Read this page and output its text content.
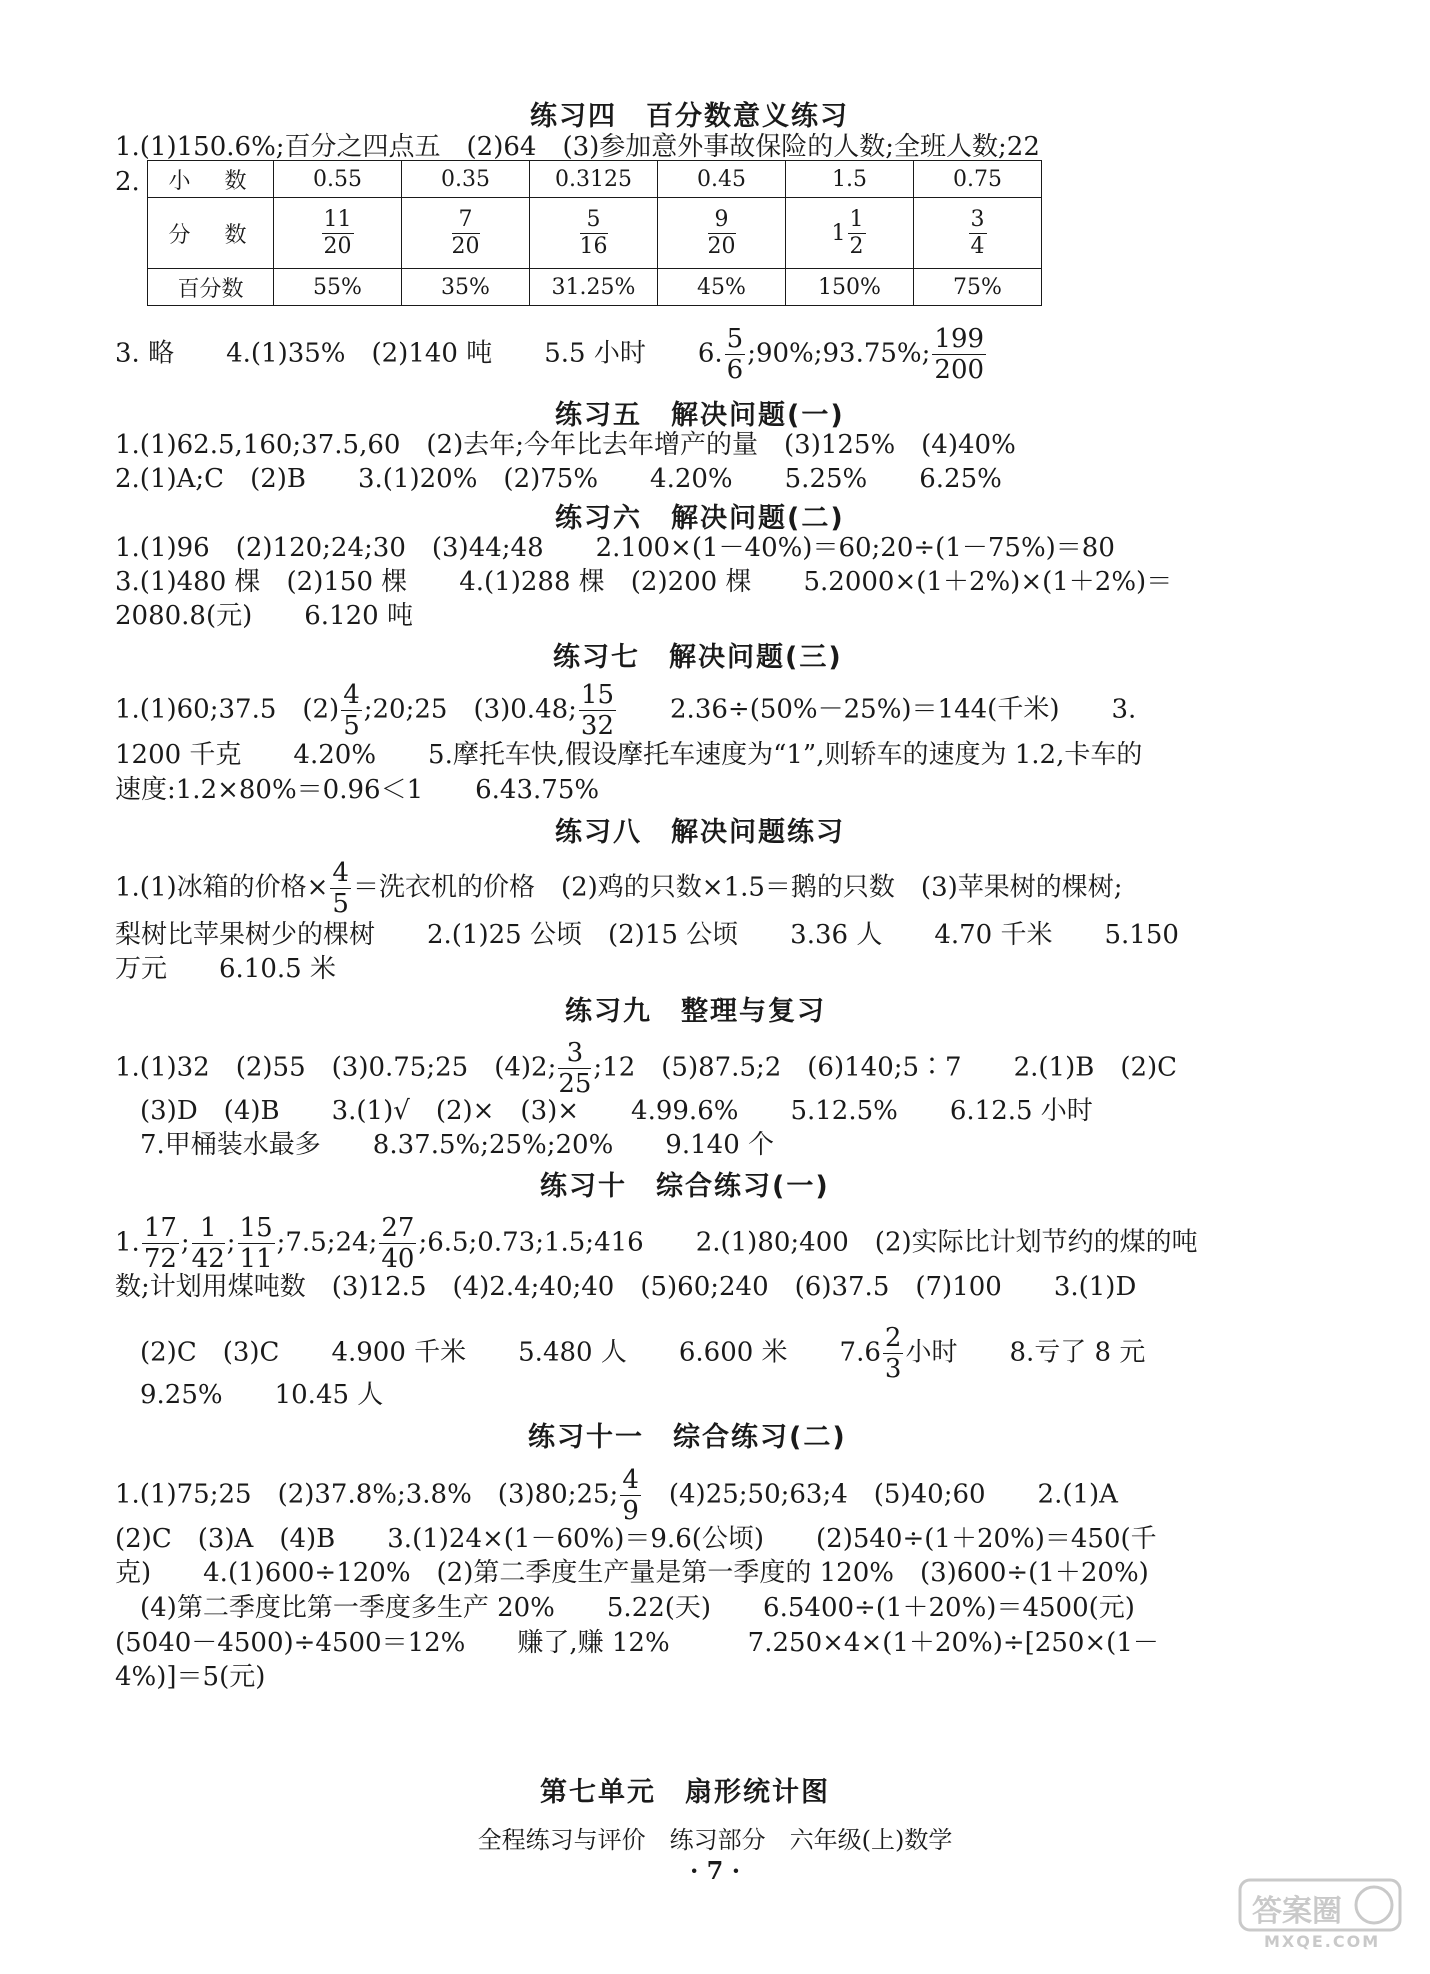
练习四　百分数意义练习
1.(1)150.6%;百分之四点五　(2)64　(3)参加意外事故保险的人数;全班人数;22
2. 小　数	0.55	0.35	0.3125	0.45	1.5	0.75
分　数	$\frac{11}{20}$	$\frac{7}{20}$	$\frac{5}{16}$	$\frac{9}{20}$	$1 \frac{1}{2}$	$\frac{3}{4}$

百分数	55%	35%	31.25%	45%	150%	75%
3. 略　　4.(1)35%　(2)140 吨　　5.5 小时　　6. $\frac{5}{6}$ ;90%;93.75%; $\frac{199}{200}$
练习五　解决问题(一)
1.(1)62.5,160;37.5,60　(2)去年;今年比去年增产的量　(3)125%　(4)40%
2.(1)A;C　(2)B　　3.(1)20%　(2)75%　　4.20%　　5.25%　　6.25%
练习六　解决问题(二)
1.(1)96　(2)120;24;30　(3)44;48　　2.100×(1－40%)＝60;20÷(1－75%)＝80
3.(1)480 棵　(2)150 棵　　4.(1)288 棵　(2)200 棵　　5.2000×(1＋2%)×(1＋2%)＝
2080.8(元)　　6.120 吨
练习七　解决问题(三)
1.(1)60;37.5　$(2) \frac{4}{5}$ ;20;25　(3)0.48; $\frac{15}{32}$ 　　2.36÷(50%－25%)＝144(千米)　　3.
1200 千克　　4.20%　　5.摩托车快,假设摩托车速度为“1”,则轿车的速度为 1.2,卡车的
速度:1.2×80%＝0.96＜1　　6.43.75%
练习八　解决问题练习
1.(1)冰箱的价格× $\frac{4}{5}$ ＝洗衣机的价格　(2)鸡的只数×1.5＝鹅的只数　(3)苹果树的棵树;
梨树比苹果树少的棵树　　2.(1)25 公顷　(2)15 公顷　　3.36 人　　4.70 千米　　5.150
万元　　6.10.5 米
练习九　整理与复习
1.(1)32　(2)55　(3)0.75;25　(4)2; $\frac{3}{25}$ ;12　(5)87.5;2　(6)140;5∶7　　2.(1)B　(2)C
(3)D　(4)B　　3.(1)√　(2)×　(3)×　　4.99.6%　　5.12.5%　　6.12.5 小时
7.甲桶装水最多　　8.37.5%;25%;20%　　9.140 个
练习十　综合练习(一)
1. $\frac{17}{72}$ ; $\frac{1}{42}$ ; $\frac{15}{11}$ ;7.5;24; $\frac{27}{40}$ ;6.5;0.73;1.5;416　　2.(1)80;400　(2)实际比计划节约的煤的吨
数;计划用煤吨数　(3)12.5　(4)2.4;40;40　(5)60;240　(6)37.5　(7)100　　3.(1)D
(2)C　(3)C　　4.900 千米　　5.480 人　　6.600 米　　$7.6 \frac{2}{3}$ 小时　　8.亏了 8 元
9.25%　　10.45 人
练习十一　综合练习(二)
1.(1)75;25　(2)37.8%;3.8%　(3)80;25; $\frac{4}{9}$ 　(4)25;50;63;4　(5)40;60　　2.(1)A
(2)C　(3)A　(4)B　　3.(1)24×(1－60%)＝9.6(公顷)　　(2)540÷(1＋20%)＝450(千
克)　　4.(1)600÷120%　(2)第二季度生产量是第一季度的 120%　(3)600÷(1＋20%)
(4)第二季度比第一季度多生产 20%　　5.22(天)　　6.5400÷(1＋20%)＝4500(元)
(5040－4500)÷4500＝12%　　赚了,赚 12%　　　7.250×4×(1＋20%)÷[250×(1－
4%)]＝5(元)
第七单元　扇形统计图
全程练习与评价　练习部分　六年级(上)数学
· 7 ·
答案圈
MXQE.COM
